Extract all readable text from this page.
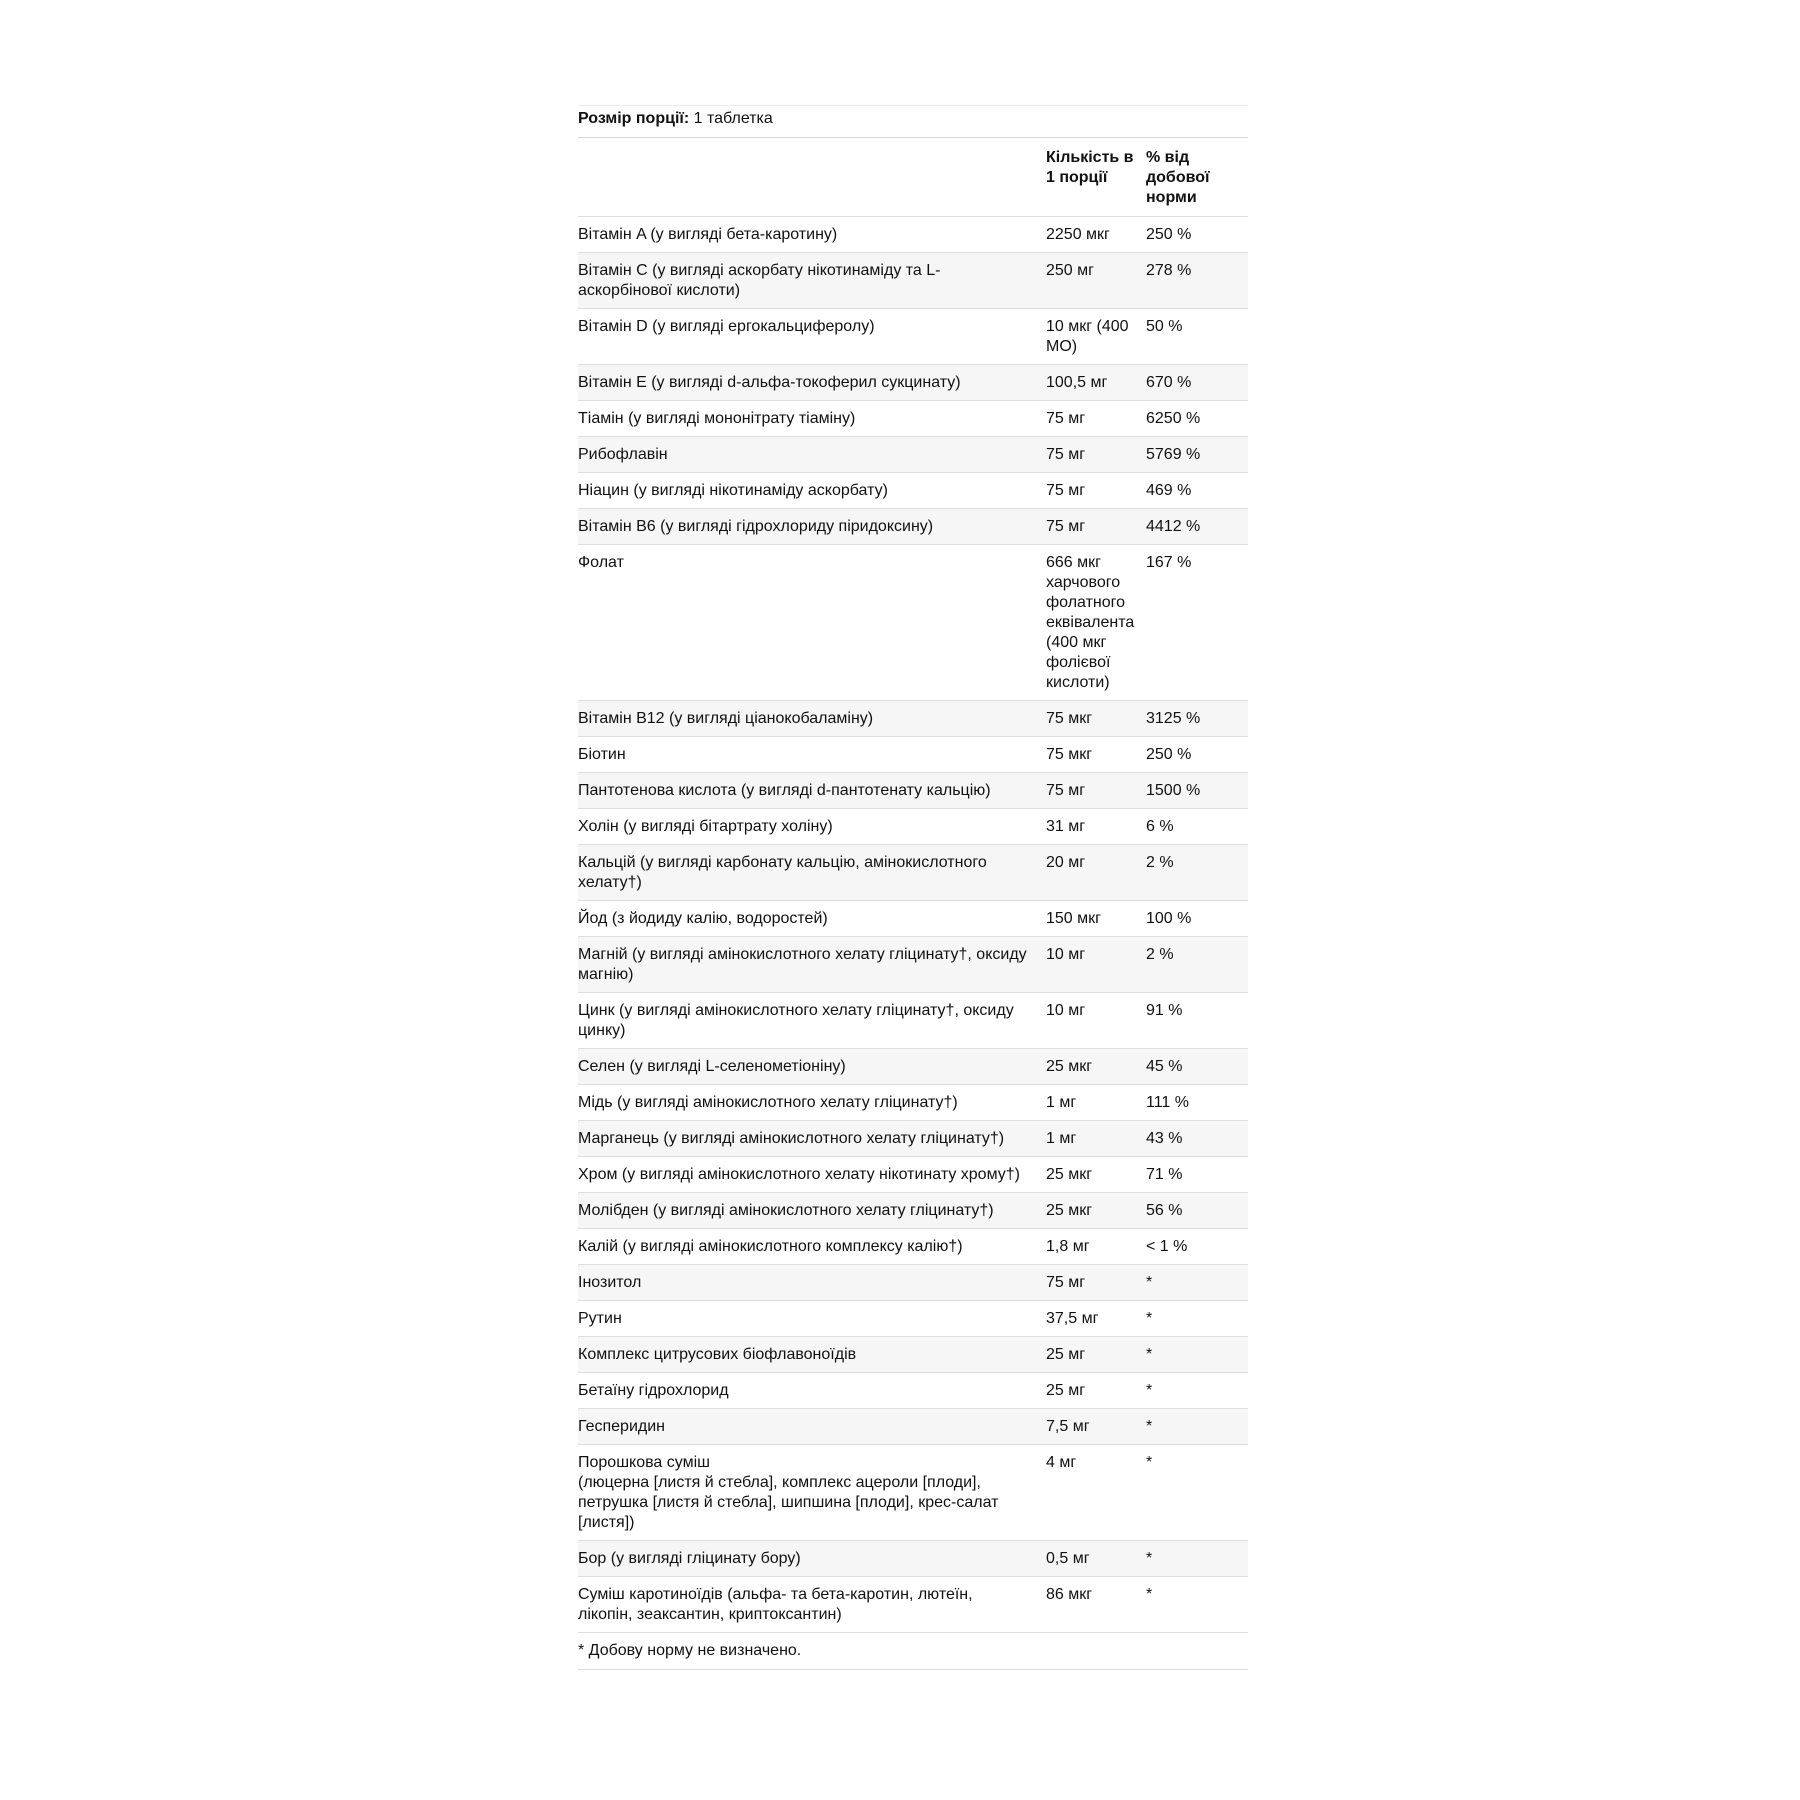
Розмір порції: 1 таблетка
	Кількість в 1 порції	% від добової норми
Вітамін A (у вигляді бета-каротину)	2250 мкг	250 %
Вітамін C (у вигляді аскорбату нікотинаміду та L-аскорбінової кислоти)	250 мг	278 %
Вітамін D (у вигляді ергокальциферолу)	10 мкг (400 МО)	50 %
Вітамін E (у вигляді d-альфа-токоферил сукцинату)	100,5 мг	670 %
Тіамін (у вигляді мононітрату тіаміну)	75 мг	6250 %
Рибофлавін	75 мг	5769 %
Ніацин (у вигляді нікотинаміду аскорбату)	75 мг	469 %
Вітамін B6 (у вигляді гідрохлориду піридоксину)	75 мг	4412 %
Фолат	666 мкг харчового фолатного еквівалента (400 мкг фолієвої кислоти)	167 %
Вітамін B12 (у вигляді ціанокобаламіну)	75 мкг	3125 %
Біотин	75 мкг	250 %
Пантотенова кислота (у вигляді d-пантотенату кальцію)	75 мг	1500 %
Холін (у вигляді бітартрату холіну)	31 мг	6 %
Кальцій (у вигляді карбонату кальцію, амінокислотного хелату†)	20 мг	2 %
Йод (з йодиду калію, водоростей)	150 мкг	100 %
Магній (у вигляді амінокислотного хелату гліцинату†, оксиду магнію)	10 мг	2 %
Цинк (у вигляді амінокислотного хелату гліцинату†, оксиду цинку)	10 мг	91 %
Селен (у вигляді L-селенометіоніну)	25 мкг	45 %
Мідь (у вигляді амінокислотного хелату гліцинату†)	1 мг	111 %
Марганець (у вигляді амінокислотного хелату гліцинату†)	1 мг	43 %
Хром (у вигляді амінокислотного хелату нікотинату хрому†)	25 мкг	71 %
Молібден (у вигляді амінокислотного хелату гліцинату†)	25 мкг	56 %
Калій (у вигляді амінокислотного комплексу калію†)	1,8 мг	< 1 %
Інозитол	75 мг	*
Рутин	37,5 мг	*
Комплекс цитрусових біофлавоноїдів	25 мг	*
Бетаїну гідрохлорид	25 мг	*
Гесперидин	7,5 мг	*
Порошкова суміш
(люцерна [листя й стебла], комплекс ацероли [плоди], петрушка [листя й стебла], шипшина [плоди], крес-салат [листя])	4 мг	*
Бор (у вигляді гліцинату бору)	0,5 мг	*
Суміш каротиноїдів (альфа- та бета-каротин, лютеїн, лікопін, зеаксантин, криптоксантин)	86 мкг	*
* Добову норму не визначено.
